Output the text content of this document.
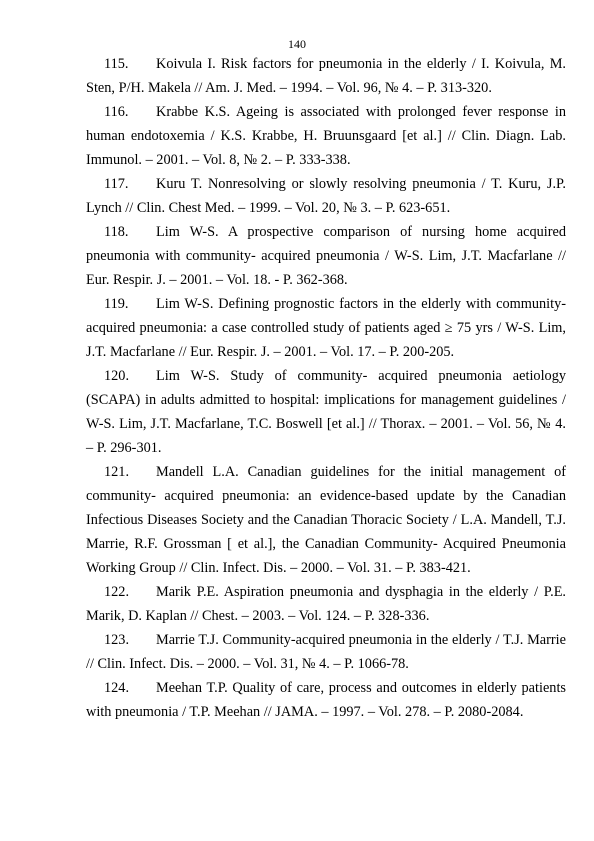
140

115. Koivula I. Risk factors for pneumonia in the elderly / I. Koivula, M. Sten, P/H. Makela // Am. J. Med. – 1994. – Vol. 96, № 4. – P. 313-320.

116. Krabbe K.S. Ageing is associated with prolonged fever response in human endotoxemia / K.S. Krabbe, H. Bruunsgaard [et al.] // Clin. Diagn. Lab. Immunol. – 2001. – Vol. 8, № 2. – P. 333-338.

117. Kuru T. Nonresolving or slowly resolving pneumonia / T. Kuru, J.P. Lynch // Clin. Chest Med. – 1999. – Vol. 20, № 3. – P. 623-651.

118. Lim W-S. A prospective comparison of nursing home acquired pneumonia with community- acquired pneumonia / W-S. Lim, J.T. Macfarlane // Eur. Respir. J. – 2001. – Vol. 18. - P. 362-368.

119. Lim W-S. Defining prognostic factors in the elderly with community-acquired pneumonia: a case controlled study of patients aged ≥ 75 yrs / W-S. Lim, J.T. Macfarlane // Eur. Respir. J. – 2001. – Vol. 17. – P. 200-205.

120. Lim W-S. Study of community- acquired pneumonia aetiology (SCAPA) in adults admitted to hospital: implications for management guidelines / W-S. Lim, J.T. Macfarlane, T.C. Boswell [et al.] // Thorax. – 2001. – Vol. 56, № 4. – P. 296-301.

121. Mandell L.A. Canadian guidelines for the initial management of community- acquired pneumonia: an evidence-based update by the Canadian Infectious Diseases Society and the Canadian Thoracic Society / L.A. Mandell, T.J. Marrie, R.F. Grossman [ et al.], the Canadian Community- Acquired Pneumonia Working Group // Clin. Infect. Dis. – 2000. – Vol. 31. – P. 383-421.

122. Marik P.E. Aspiration pneumonia and dysphagia in the elderly / P.E. Marik, D. Kaplan // Chest. – 2003. – Vol. 124. – P. 328-336.

123. Marrie T.J. Community-acquired pneumonia in the elderly / T.J. Marrie // Clin. Infect. Dis. – 2000. – Vol. 31, № 4. – P. 1066-78.

124. Meehan T.P. Quality of care, process and outcomes in elderly patients with pneumonia / T.P. Meehan // JAMA. – 1997. – Vol. 278. – P. 2080-2084.
